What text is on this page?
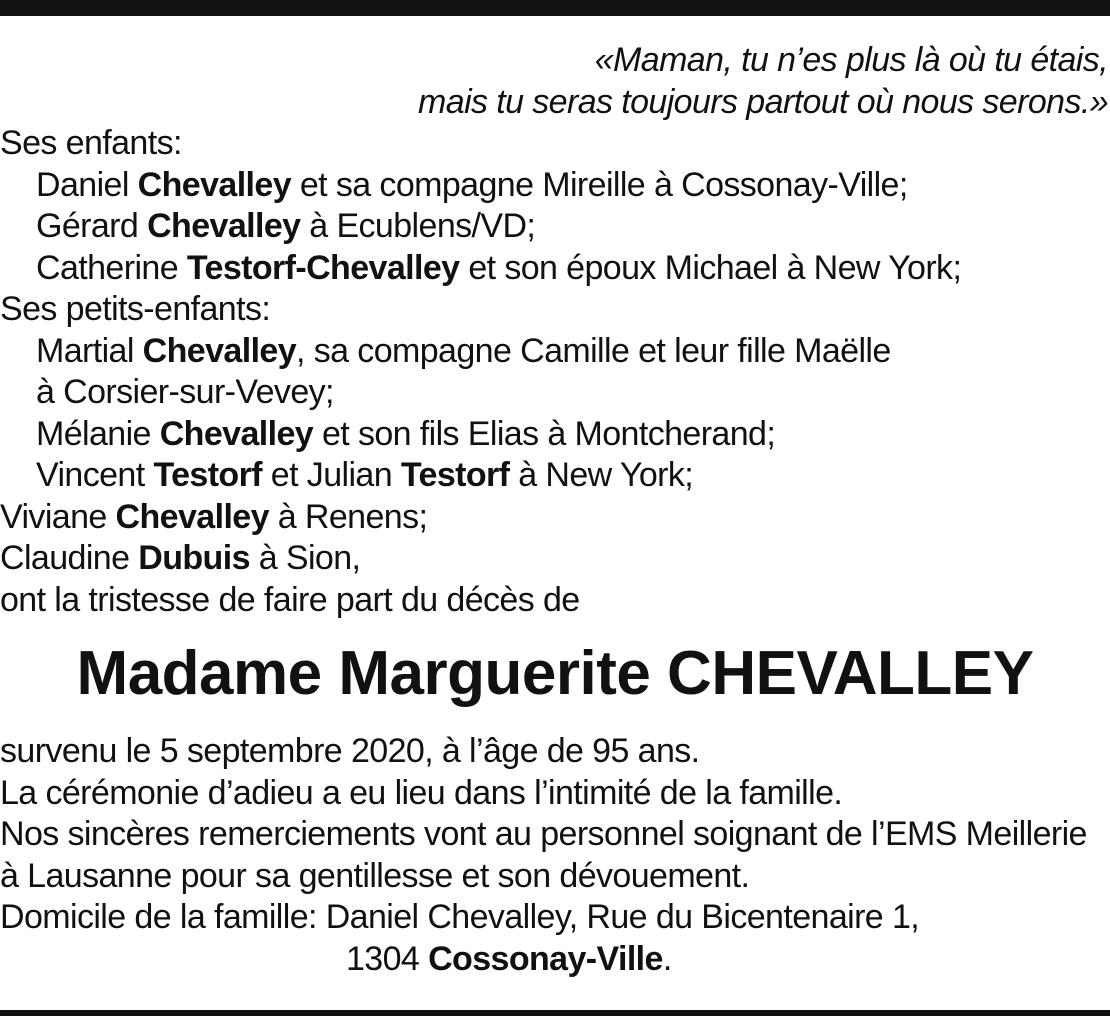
«Maman, tu n’es plus là où tu étais,
mais tu seras toujours partout où nous serons.»
Ses enfants:
Daniel Chevalley et sa compagne Mireille à Cossonay-Ville;
Gérard Chevalley à Ecublens/VD;
Catherine Testorf-Chevalley et son époux Michael à New York;
Ses petits-enfants:
Martial Chevalley, sa compagne Camille et leur fille Maëlle
à Corsier-sur-Vevey;
Mélanie Chevalley et son fils Elias à Montcherand;
Vincent Testorf et Julian Testorf à New York;
Viviane Chevalley à Renens;
Claudine Dubuis à Sion,
ont la tristesse de faire part du décès de
Madame Marguerite CHEVALLEY
survenu le 5 septembre 2020, à l’âge de 95 ans.
La cérémonie d’adieu a eu lieu dans l’intimité de la famille.
Nos sincères remerciements vont au personnel soignant de l’EMS Meillerie
à Lausanne pour sa gentillesse et son dévouement.
Domicile de la famille: Daniel Chevalley, Rue du Bicentenaire 1,
1304 Cossonay-Ville.
